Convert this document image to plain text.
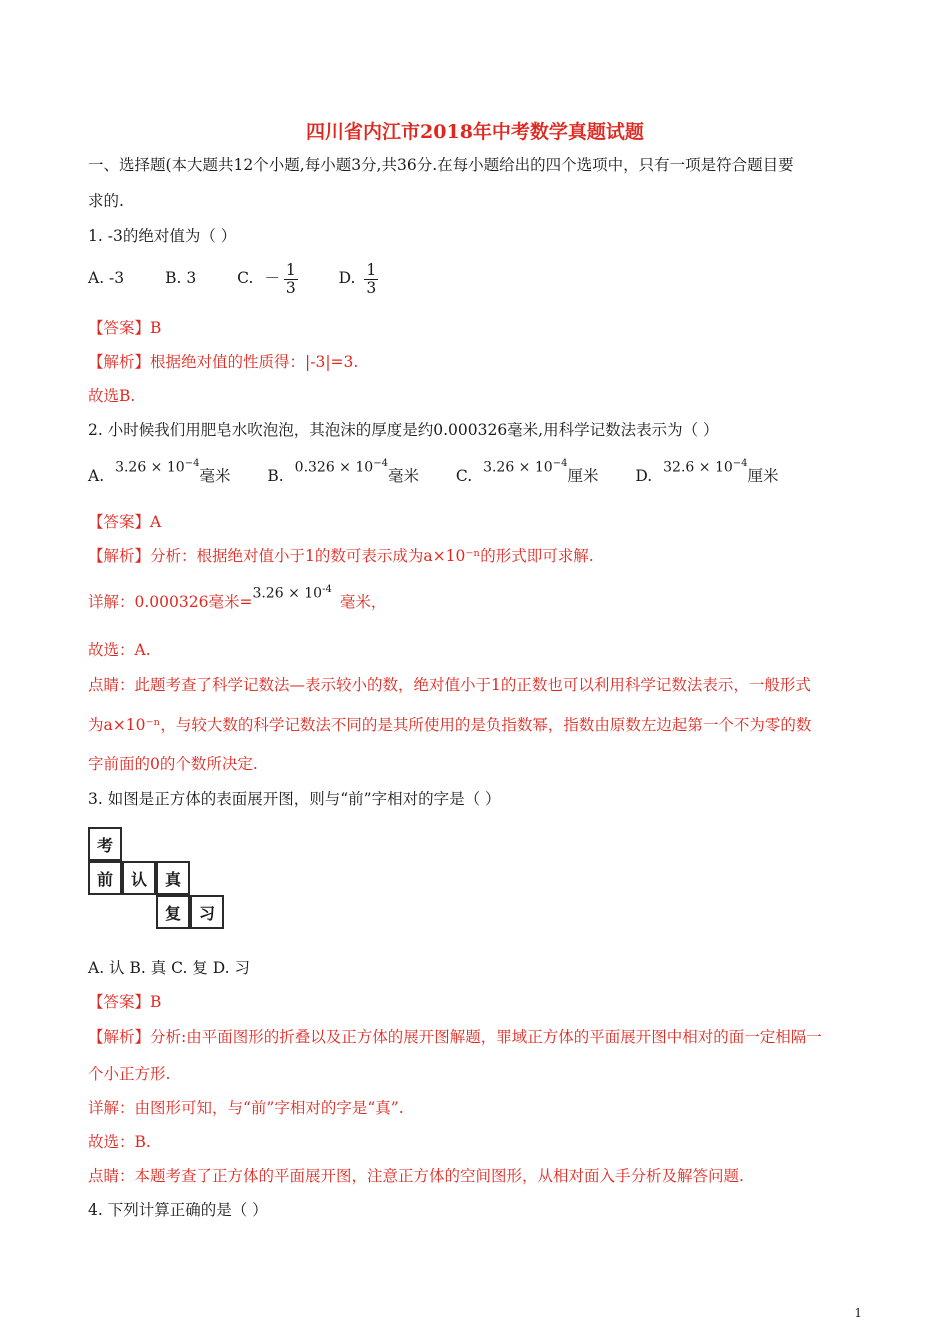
四川省内江市2018年中考数学真题试题
一、选择题(本大题共12个小题,每小题3分,共36分.在每小题给出的四个选项中，只有一项是符合题目要
求的.
1. -3的绝对值为（ ）
A. -3	B. 3	C. － $\frac{1}{3}$	D. $\frac{1}{3}$
【答案】B
【解析】根据绝对值的性质得：|-3|=3.
故选B.
2. 小时候我们用肥皂水吹泡泡，其泡沫的厚度是约0.000326毫米,用科学记数法表示为（ ）
A. $3.26 \times 10^{-4}$毫米 B. $0.326 \times 10^{-4}$毫米 C. $3.26 \times 10^{-4}$厘米 D. $32.6 \times 10^{-4}$厘米
【答案】A
【解析】分析：根据绝对值小于1的数可表示成为a×10⁻ⁿ的形式即可求解.
详解：0.000326毫米$=3.26 \times 10^{-4}$毫米，
故选：A.
点睛：此题考查了科学记数法—表示较小的数，绝对值小于1的正数也可以利用科学记数法表示，一般形式
为a×10⁻ⁿ，与较大数的科学记数法不同的是其所使用的是负指数幂，指数由原数左边起第一个不为零的数
字前面的0的个数所决定.
3. 如图是正方体的表面展开图，则与“前”字相对的字是（ ）
考
前	认	真
复	习
A. 认 B. 真 C. 复 D. 习
【答案】B
【解析】分析:由平面图形的折叠以及正方体的展开图解题，罪域正方体的平面展开图中相对的面一定相隔一
个小正方形.
详解：由图形可知，与“前”字相对的字是“真”.
故选：B.
点睛：本题考查了正方体的平面展开图，注意正方体的空间图形，从相对面入手分析及解答问题.
4. 下列计算正确的是（ ）
1
